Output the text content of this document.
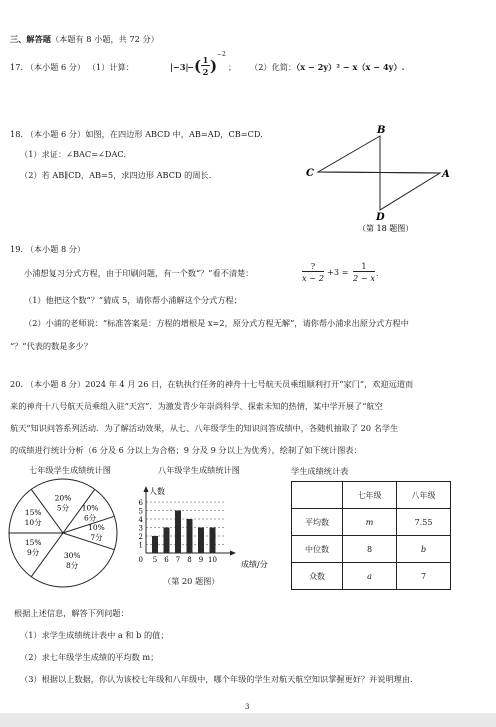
三、解答题（本题有 8 小题，共 72 分）
17. （本小题 6 分） （1）计算：	|−3|
− ( 1
2 )
−2
； （2）化简：（x − 2y）² − x（x − 4y）.
18. （本小题 6 分）如图，在四边形 ABCD 中，AB=AD，CB=CD.
（1）求证：∠BAC=∠DAC.
（2）若 AB∥CD，AB=5，求四边形 ABCD 的周长.
B
C	A
D
（第 18 题图）
19. （本小题 8 分）
小浦想复习分式方程，由于印刷问题，有一个数“？”看不清楚：
?
x − 2
+3 =
1
2 − x .
（1）他把这个数“？”猜成 5，请你帮小浦解这个分式方程；
（2）小浦的老师说：“标准答案是：方程的增根是 x=2，原分式方程无解”，请你帮小浦求出原分式方程中
“？”代表的数是多少？
20. （本小题 8 分）2024 年 4 月 26 日，在轨执行任务的神舟十七号航天员乘组顺利打开“家门”，欢迎远道而
来的神舟十八号航天员乘组入驻“天宫”．为激发青少年崇尚科学、探索未知的热情，某中学开展了“航空
航天”知识问答系列活动．为了解活动效果，从七、八年级学生的知识问答成绩中，各随机抽取了 20 名学生
的成绩进行统计分析（6 分及 6 分以上为合格；9 分及 9 分以上为优秀），绘制了如下统计图表：
七年级学生成绩统计图
20%
5分 10%
6分
10%
7分
30%
8分
15%
9分
15%
10分
八年级学生成绩统计图
人数
成绩/分
1
2
3
4
5
6
0 5 6 7 8 9 10
（第 20 题图）
学生成绩统计表
	七年级	八年级
平均数	m	7.55
中位数	8	b
众数	a	7
根据上述信息，解答下列问题：
（1）求学生成绩统计表中 a 和 b 的值；
（2）求七年级学生成绩的平均数 m；
（3）根据以上数据，你认为该校七年级和八年级中，哪个年级的学生对航天航空知识掌握更好？并说明理由.
3
